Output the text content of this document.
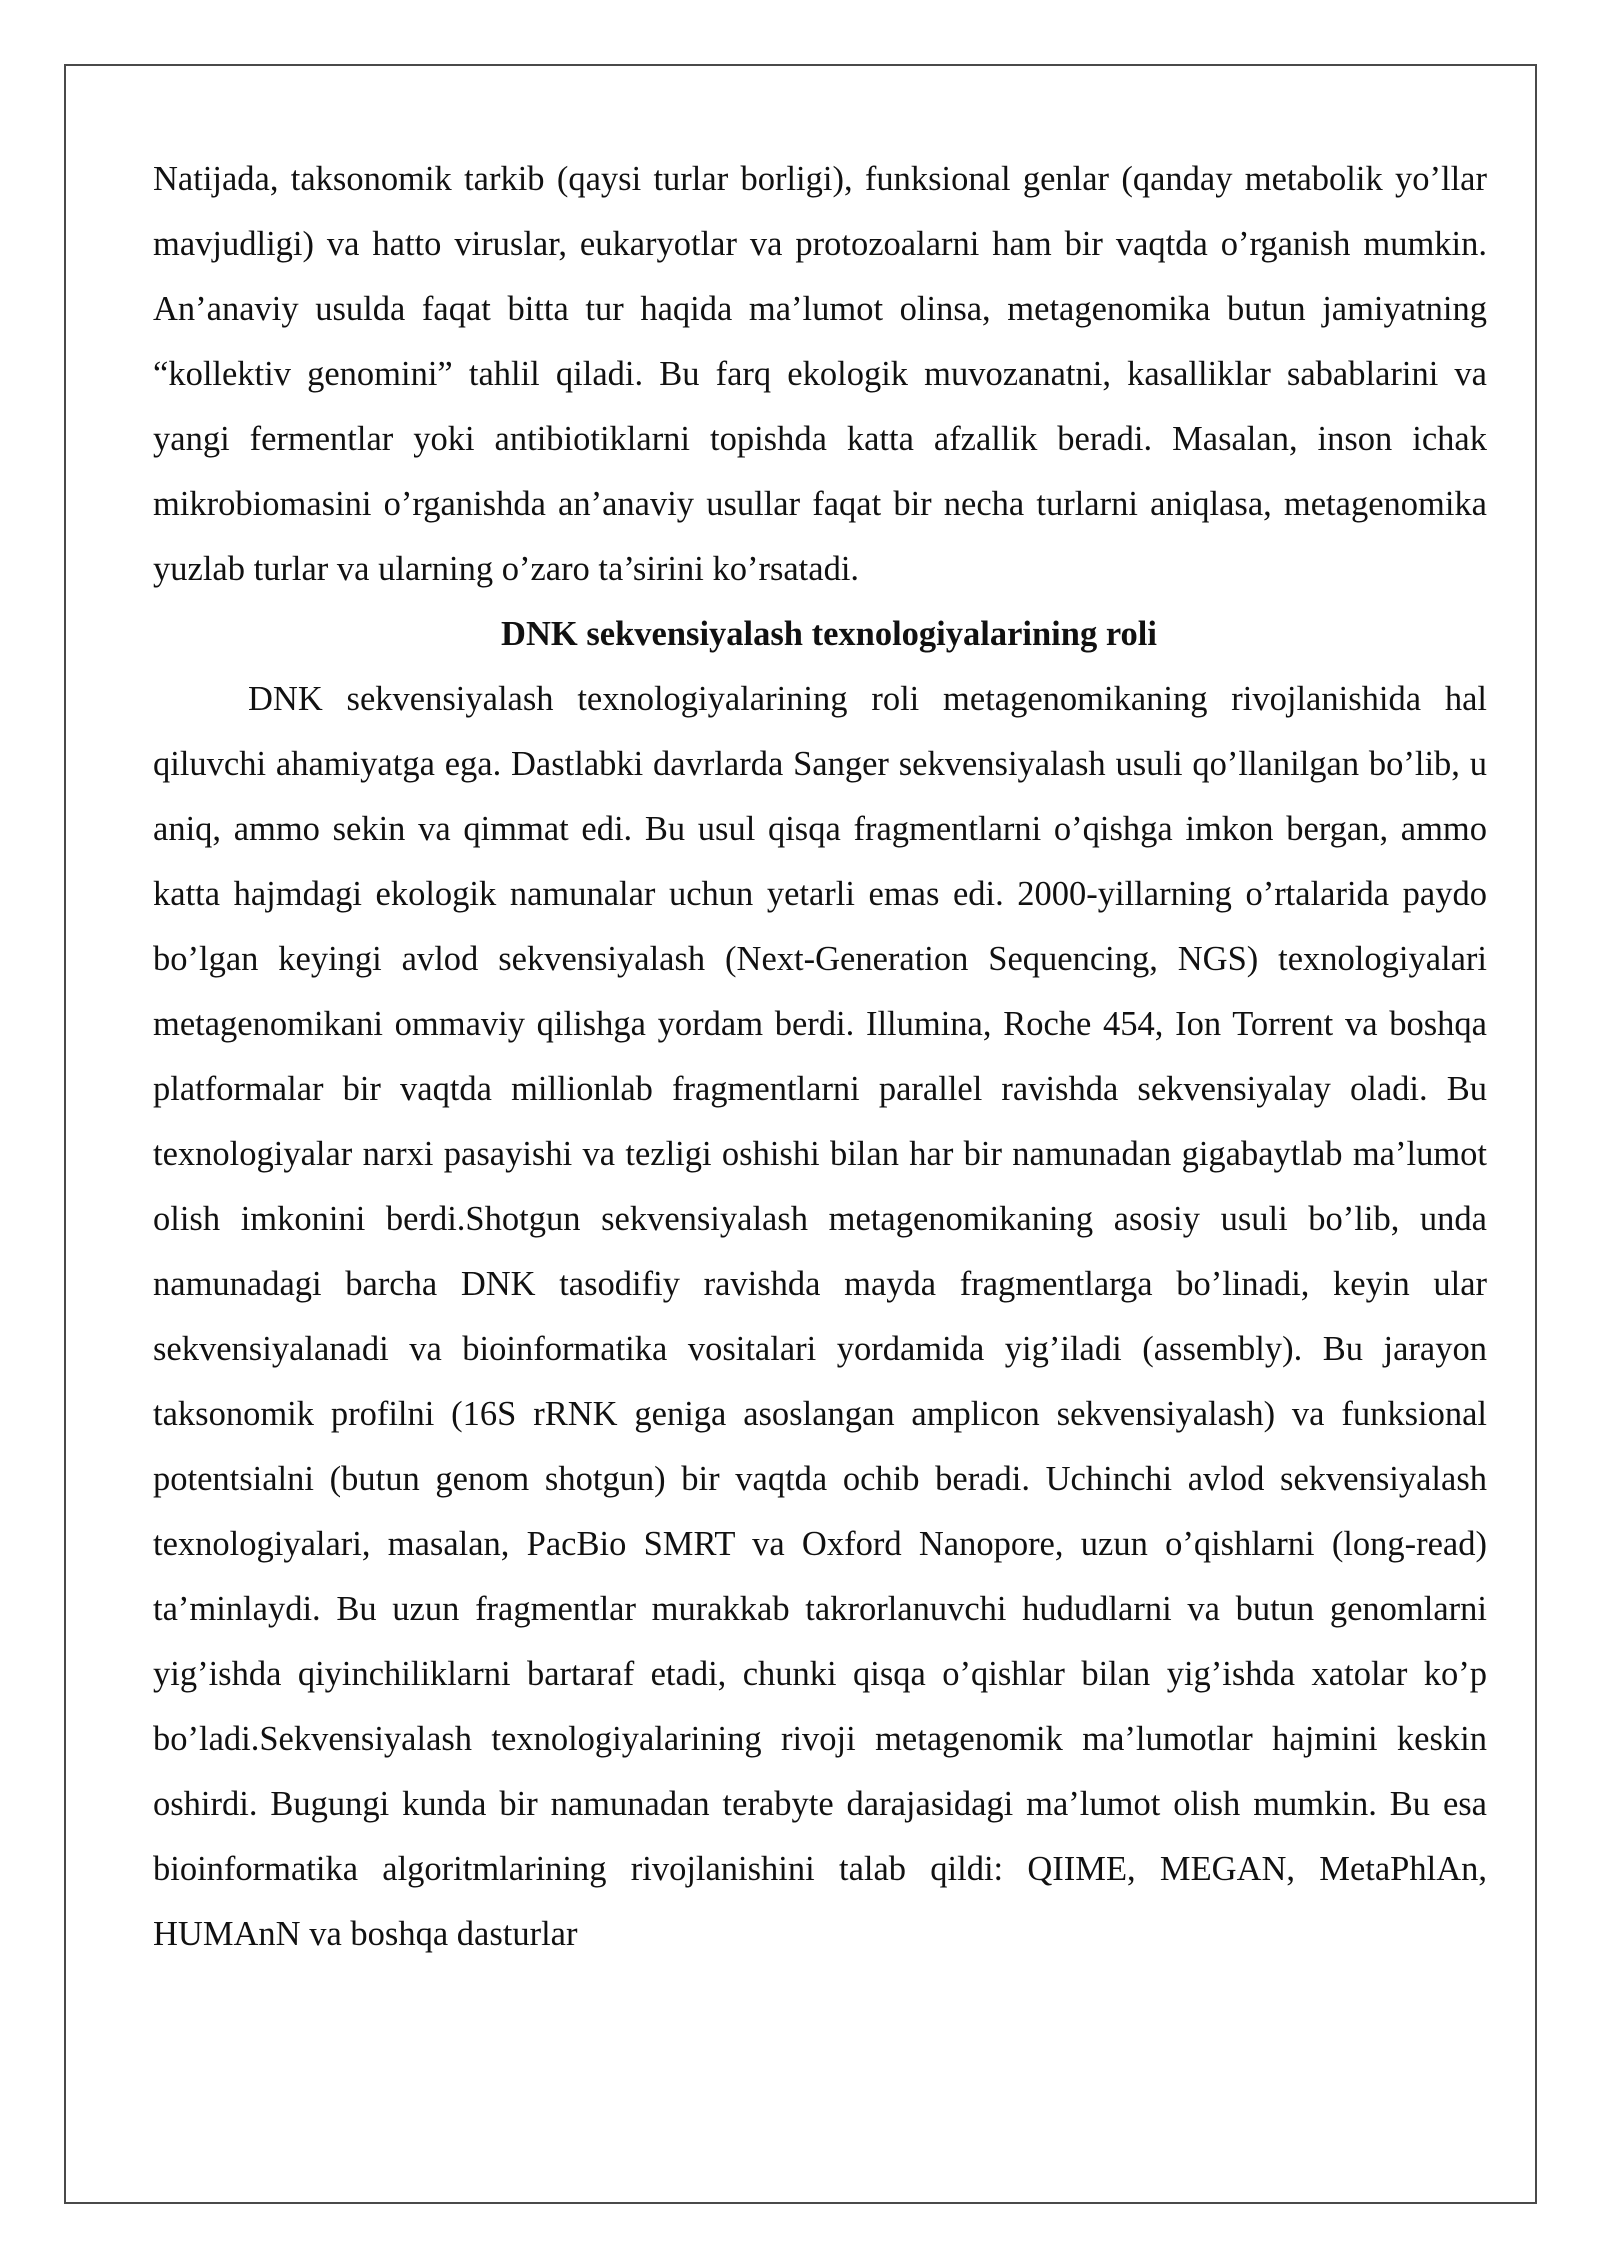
Natijada, taksonomik tarkib (qaysi turlar borligi), funksional genlar (qanday metabolik yo’llar mavjudligi) va hatto viruslar, eukaryotlar va protozoalarni ham bir vaqtda o’rganish mumkin. An’anaviy usulda faqat bitta tur haqida ma’lumot olinsa, metagenomika butun jamiyatning “kollektiv genomini” tahlil qiladi. Bu farq ekologik muvozanatni, kasalliklar sabablarini va yangi fermentlar yoki antibiotiklarni topishda katta afzallik beradi. Masalan, inson ichak mikrobiomasini o’rganishda an’anaviy usullar faqat bir necha turlarni aniqlasa, metagenomika yuzlab turlar va ularning o’zaro ta’sirini ko’rsatadi.

DNK sekvensiyalash texnologiyalarining roli

DNK sekvensiyalash texnologiyalarining roli metagenomikaning rivojlanishida hal qiluvchi ahamiyatga ega. Dastlabki davrlarda Sanger sekvensiyalash usuli qo’llanilgan bo’lib, u aniq, ammo sekin va qimmat edi. Bu usul qisqa fragmentlarni o’qishga imkon bergan, ammo katta hajmdagi ekologik namunalar uchun yetarli emas edi. 2000-yillarning o’rtalarida paydo bo’lgan keyingi avlod sekvensiyalash (Next-Generation Sequencing, NGS) texnologiyalari metagenomikani ommaviy qilishga yordam berdi. Illumina, Roche 454, Ion Torrent va boshqa platformalar bir vaqtda millionlab fragmentlarni parallel ravishda sekvensiyalay oladi. Bu texnologiyalar narxi pasayishi va tezligi oshishi bilan har bir namunadan gigabaytlab ma’lumot olish imkonini berdi.Shotgun sekvensiyalash metagenomikaning asosiy usuli bo’lib, unda namunadagi barcha DNK tasodifiy ravishda mayda fragmentlarga bo’linadi, keyin ular sekvensiyalanadi va bioinformatika vositalari yordamida yig’iladi (assembly). Bu jarayon taksonomik profilni (16S rRNK geniga asoslangan amplicon sekvensiyalash) va funksional potentsialni (butun genom shotgun) bir vaqtda ochib beradi. Uchinchi avlod sekvensiyalash texnologiyalari, masalan, PacBio SMRT va Oxford Nanopore, uzun o’qishlarni (long-read) ta’minlaydi. Bu uzun fragmentlar murakkab takrorlanuvchi hududlarni va butun genomlarni yig’ishda qiyinchiliklarni bartaraf etadi, chunki qisqa o’qishlar bilan yig’ishda xatolar ko’p bo’ladi.Sekvensiyalash texnologiyalarining rivoji metagenomik ma’lumotlar hajmini keskin oshirdi. Bugungi kunda bir namunadan terabyte darajasidagi ma’lumot olish mumkin. Bu esa bioinformatika algoritmlarining rivojlanishini talab qildi: QIIME, MEGAN, MetaPhlAn, HUMAnN va boshqa dasturlar
